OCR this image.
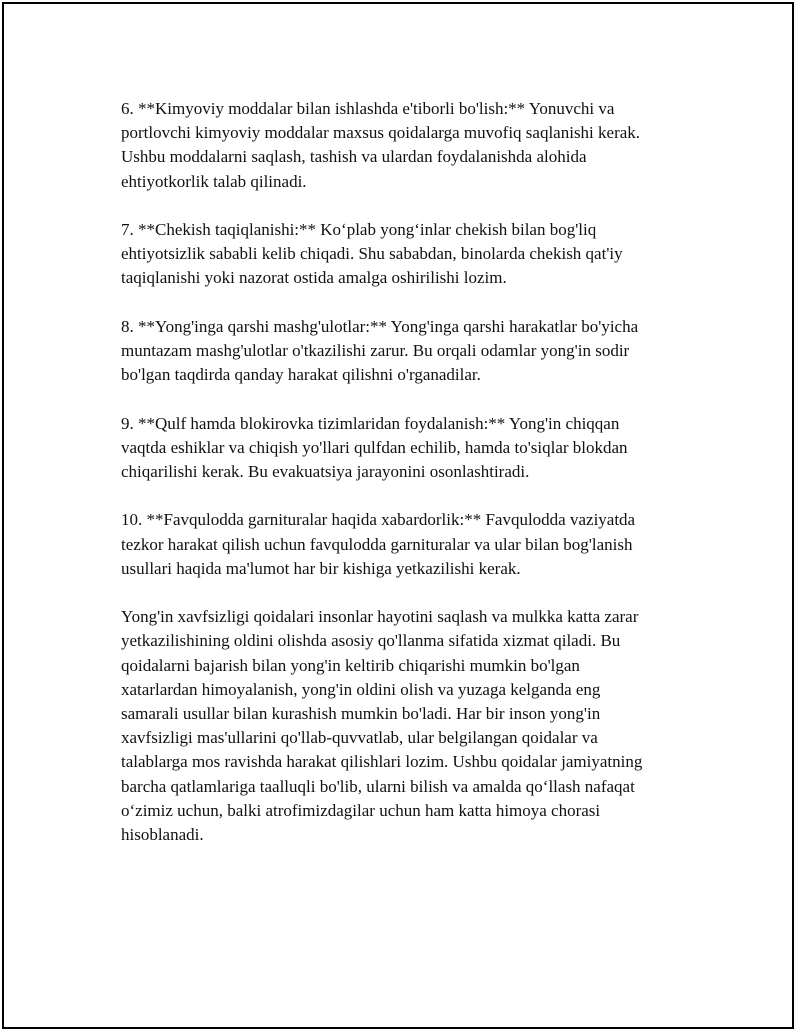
6. **Kimyoviy moddalar bilan ishlashda e'tiborli bo'lish:** Yonuvchi va
portlovchi kimyoviy moddalar maxsus qoidalarga muvofiq saqlanishi kerak.
Ushbu moddalarni saqlash, tashish va ulardan foydalanishda alohida
ehtiyotkorlik talab qilinadi.

7. **Chekish taqiqlanishi:** Ko‘plab yong‘inlar chekish bilan bog'liq
ehtiyotsizlik sababli kelib chiqadi. Shu sababdan, binolarda chekish qat'iy
taqiqlanishi yoki nazorat ostida amalga oshirilishi lozim.

8. **Yong'inga qarshi mashg'ulotlar:** Yong'inga qarshi harakatlar bo'yicha
muntazam mashg'ulotlar o'tkazilishi zarur. Bu orqali odamlar yong'in sodir
bo'lgan taqdirda qanday harakat qilishni o'rganadilar.

9. **Qulf hamda blokirovka tizimlaridan foydalanish:** Yong'in chiqqan
vaqtda eshiklar va chiqish yo'llari qulfdan echilib, hamda to'siqlar blokdan
chiqarilishi kerak. Bu evakuatsiya jarayonini osonlashtiradi.

10. **Favqulodda garnituralar haqida xabardorlik:** Favqulodda vaziyatda
tezkor harakat qilish uchun favqulodda garnituralar va ular bilan bog'lanish
usullari haqida ma'lumot har bir kishiga yetkazilishi kerak.

Yong'in xavfsizligi qoidalari insonlar hayotini saqlash va mulkka katta zarar
yetkazilishining oldini olishda asosiy qo'llanma sifatida xizmat qiladi. Bu
qoidalarni bajarish bilan yong'in keltirib chiqarishi mumkin bo'lgan
xatarlardan himoyalanish, yong'in oldini olish va yuzaga kelganda eng
samarali usullar bilan kurashish mumkin bo'ladi. Har bir inson yong'in
xavfsizligi mas'ullarini qo'llab-quvvatlab, ular belgilangan qoidalar va
talablarga mos ravishda harakat qilishlari lozim. Ushbu qoidalar jamiyatning
barcha qatlamlariga taalluqli bo'lib, ularni bilish va amalda qo‘llash nafaqat
o‘zimiz uchun, balki atrofimizdagilar uchun ham katta himoya chorasi
hisoblanadi.
